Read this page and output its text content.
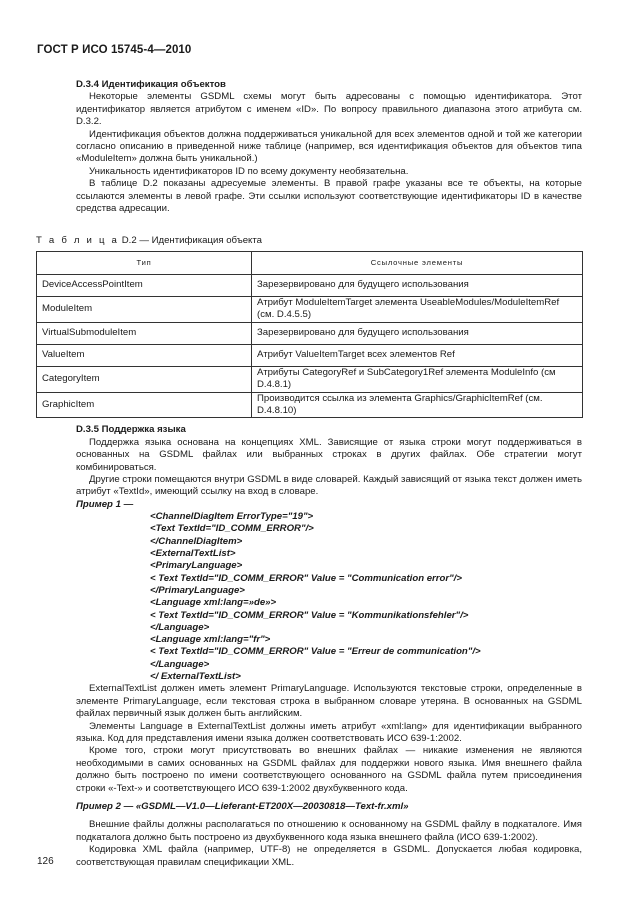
ГОСТ Р ИСО 15745-4—2010
D.3.4 Идентификация объектов

Некоторые элементы GSDML схемы могут быть адресованы с помощью идентификатора. Этот идентификатор является атрибутом с именем «ID». По вопросу правильного диапазона этого атрибута см. D.3.2.

Идентификация объектов должна поддерживаться уникальной для всех элементов одной и той же категории согласно описанию в приведенной ниже таблице (например, вся идентификация объектов для объектов типа «ModuleItem» должна быть уникальной.)

Уникальность идентификаторов ID по всему документу необязательна.

В таблице D.2 показаны адресуемые элементы. В правой графе указаны все те объекты, на которые ссылаются элементы в левой графе. Эти ссылки используют соответствующие идентификаторы ID в качестве средства адресации.

Т а б л и ц а D.2 — Идентификация объекта

Тип	Ссылочные элементы
DeviceAccessPointItem	Зарезервировано для будущего использования
ModuleItem	Атрибут ModuleItemTarget элемента UseableModules/ModuleItemRef (см. D.4.5.5)
VirtualSubmoduleItem	Зарезервировано для будущего использования
ValueItem	Атрибут ValueItemTarget всех элементов Ref
CategoryItem	Атрибуты CategoryRef и SubCategory1Ref элемента ModuleInfo (см D.4.8.1)
GraphicItem	Производится ссылка из элемента Graphics/GraphicItemRef (см. D.4.8.10)
D.3.5 Поддержка языка

Поддержка языка основана на концепциях XML. Зависящие от языка строки могут поддерживаться в основанных на GSDML файлах или выбранных строках в других файлах. Обе стратегии могут комбинироваться.

Другие строки помещаются внутри GSDML в виде словарей. Каждый зависящий от языка текст должен иметь атрибут «TextId», имеющий ссылку на вход в словаре.

Пример 1 —

<ChannelDiagItem ErrorType="19">
<Text TextId="ID_COMM_ERROR"/>
</ChannelDiagItem>
<ExternalTextList>
<PrimaryLanguage>
< Text TextId="ID_COMM_ERROR" Value = "Communication error"/>
</PrimaryLanguage>
<Language xml:lang=»de»>
< Text TextId="ID_COMM_ERROR" Value = "Kommunikationsfehler"/>
</Language>
<Language xml:lang="fr">
< Text TextId="ID_COMM_ERROR" Value = "Erreur de communication"/>
</Language>
</ ExternalTextList>

ExternalTextList должен иметь элемент PrimaryLanguage. Используются текстовые строки, определенные в элементе PrimaryLanguage, если текстовая строка в выбранном словаре утеряна. В основанных на GSDML файлах первичный язык должен быть английским.

Элементы Language в ExternalTextList должны иметь атрибут «xml:lang» для идентификации выбранного языка. Код для представления имени языка должен соответствовать ИСО 639-1:2002.

Кроме того, строки могут присутствовать во внешних файлах — никакие изменения не являются необходимыми в самих основанных на GSDML файлах для поддержки нового языка. Имя внешнего файла должно быть построено по имени соответствующего основанного на GSDML файла путем присоединения строки «-Text-» и соответствующего ИСО 639-1:2002 двухбуквенного кода.

Пример 2 — «GSDML—V1.0—Lieferant-ET200X—20030818—Text-fr.xml»

Внешние файлы должны располагаться по отношению к основанному на GSDML файлу в подкаталоге. Имя подкаталога должно быть построено из двухбуквенного кода языка внешнего файла (ИСО 639-1:2002).

Кодировка XML файла (например, UTF-8) не определяется в GSDML. Допускается любая кодировка, соответствующая правилам спецификации XML.

126
